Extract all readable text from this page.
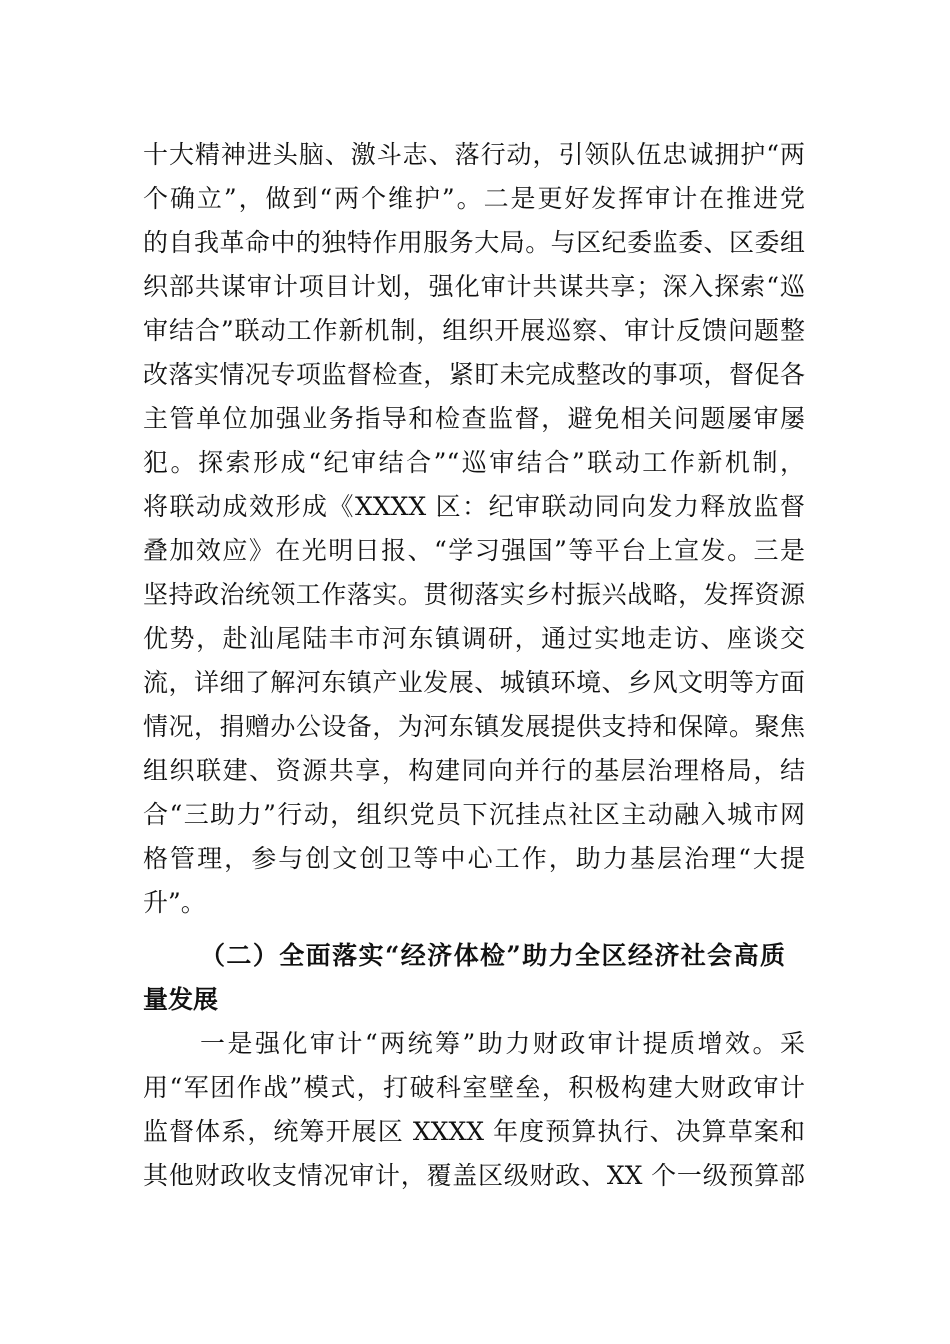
十大精神进头脑、激斗志、落行动，引领队伍忠诚拥护“两
个确立”，做到“两个维护”。二是更好发挥审计在推进党
的自我革命中的独特作用服务大局。与区纪委监委、区委组
织部共谋审计项目计划，强化审计共谋共享；深入探索“巡
审结合”联动工作新机制，组织开展巡察、审计反馈问题整
改落实情况专项监督检查，紧盯未完成整改的事项，督促各
主管单位加强业务指导和检查监督，避免相关问题屡审屡
犯。探索形成“纪审结合”“巡审结合”联动工作新机制，
将联动成效形成《XXXX 区：纪审联动同向发力释放监督
叠加效应》在光明日报、“学习强国”等平台上宣发。三是
坚持政治统领工作落实。贯彻落实乡村振兴战略，发挥资源
优势，赴汕尾陆丰市河东镇调研，通过实地走访、座谈交
流，详细了解河东镇产业发展、城镇环境、乡风文明等方面
情况，捐赠办公设备，为河东镇发展提供支持和保障。聚焦
组织联建、资源共享，构建同向并行的基层治理格局，结
合“三助力”行动，组织党员下沉挂点社区主动融入城市网
格管理，参与创文创卫等中心工作，助力基层治理“大提
升”。
（二）全面落实“经济体检”助力全区经济社会高质
量发展
一是强化审计“两统筹”助力财政审计提质增效。采
用“军团作战”模式，打破科室壁垒，积极构建大财政审计
监督体系，统筹开展区 XXXX 年度预算执行、决算草案和
其他财政收支情况审计，覆盖区级财政、XX 个一级预算部
